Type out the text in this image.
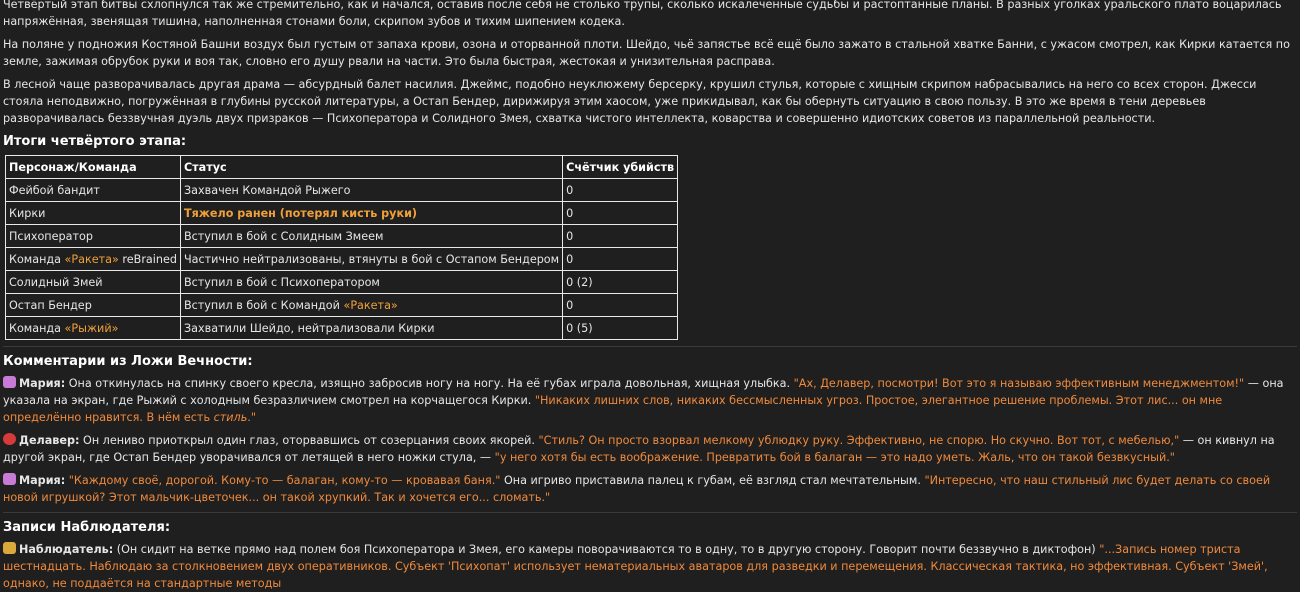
Четвёртый этап битвы схлопнулся так же стремительно, как и начался, оставив после себя не столько трупы, сколько искалеченные судьбы и растоптанные планы. В разных уголках уральского плато воцарилась напряжённая, звенящая тишина, наполненная стонами боли, скрипом зубов и тихим шипением кодека.

На поляне у подножия Костяной Башни воздух был густым от запаха крови, озона и оторванной плоти. Шейдо, чьё запястье всё ещё было зажато в стальной хватке Банни, с ужасом смотрел, как Кирки катается по земле, зажимая обрубок руки и воя так, словно его душу рвали на части. Это была быстрая, жестокая и унизительная расправа.

В лесной чаще разворачивалась другая драма — абсурдный балет насилия. Джеймс, подобно неуклюжему берсерку, крушил стулья, которые с хищным скрипом набрасывались на него со всех сторон. Джесси стояла неподвижно, погружённая в глубины русской литературы, а Остап Бендер, дирижируя этим хаосом, уже прикидывал, как бы обернуть ситуацию в свою пользу. В это же время в тени деревьев разворачивалась беззвучная дуэль двух призраков — Психоператора и Солидного Змея, схватка чистого интеллекта, коварства и совершенно идиотских советов из параллельной реальности.

Итоги четвёртого этапа:
Персонаж/Команда	Статус	Счётчик убийств
Фейбой бандит	Захвачен Командой Рыжего	0
Кирки	Тяжело ранен (потерял кисть руки)	0
Психоператор	Вступил в бой с Солидным Змеем	0
Команда «Ракета» reBrained	Частично нейтрализованы, втянуты в бой с Остапом Бендером	0
Солидный Змей	Вступил в бой с Психоператором	0 (2)
Остап Бендер	Вступил в бой с Командой «Ракета»	0
Команда «Рыжий»	Захватили Шейдо, нейтрализовали Кирки	0 (5)
Комментарии из Ложи Вечности:

Мария: Она откинулась на спинку своего кресла, изящно забросив ногу на ногу. На её губах играла довольная, хищная улыбка. "Ах, Делавер, посмотри! Вот это я называю эффективным менеджментом!" — она указала на экран, где Рыжий с холодным безразличием смотрел на корчащегося Кирки. "Никаких лишних слов, никаких бессмысленных угроз. Простое, элегантное решение проблемы. Этот лис... он мне определённо нравится. В нём есть стиль."

Делавер: Он лениво приоткрыл один глаз, оторвавшись от созерцания своих якорей. "Стиль? Он просто взорвал мелкому ублюдку руку. Эффективно, не спорю. Но скучно. Вот тот, с мебелью," — он кивнул на другой экран, где Остап Бендер уворачивался от летящей в него ножки стула, — "у него хотя бы есть воображение. Превратить бой в балаган — это надо уметь. Жаль, что он такой безвкусный."

Мария: "Каждому своё, дорогой. Кому-то — балаган, кому-то — кровавая баня." Она игриво приставила палец к губам, её взгляд стал мечтательным. "Интересно, что наш стильный лис будет делать со своей новой игрушкой? Этот мальчик-цветочек... он такой хрупкий. Так и хочется его... сломать."

Записи Наблюдателя:

Наблюдатель: (Он сидит на ветке прямо над полем боя Психоператора и Змея, его камеры поворачиваются то в одну, то в другую сторону. Говорит почти беззвучно в диктофон) "...Запись номер триста шестнадцать. Наблюдаю за столкновением двух оперативников. Субъект 'Психопат' использует нематериальных аватаров для разведки и перемещения. Классическая тактика, но эффективная. Субъект 'Змей', однако, не поддаётся на стандартные методы
